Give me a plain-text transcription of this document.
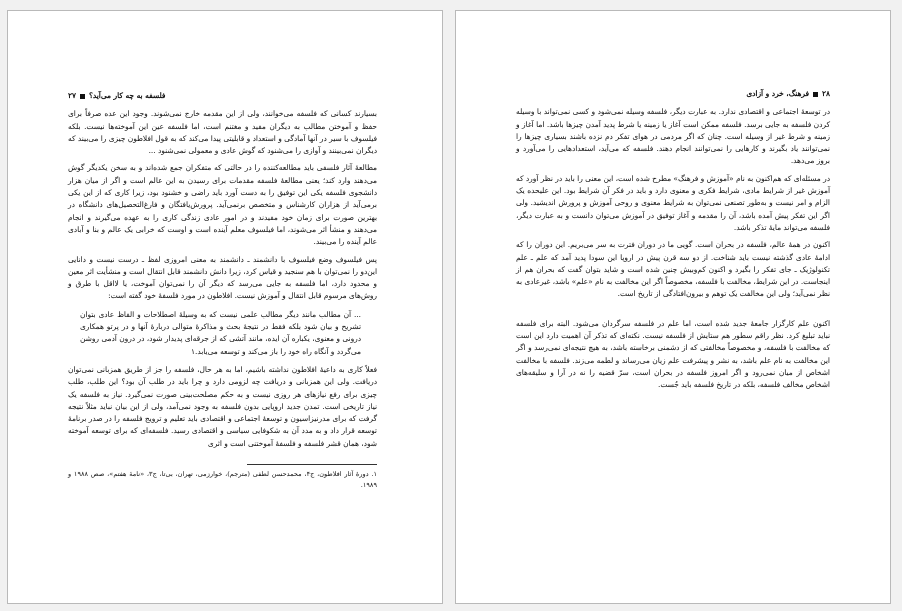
فلسفه به چه کار می‌آید؟
۲۷

بسیارند کسانی که فلسفه می‌خوانند، ولی از این مقدمه خارج نمی‌شوند. وجود این عده صرفاً برای حفظ و آموختن مطالب به دیگران مفید و مغتنم است، اما فلسفه عین این آموخته‌ها نیست. بلکه فیلسوف با سیر در آنها آمادگی و استعداد و قابلیتی پیدا می‌کند که به قول افلاطون چیزی را می‌بیند که دیگران نمی‌بینند و آوازی را می‌شنود که گوش عادی و معمولی نمی‌شنود ...

مطالعهٔ آثار فلسفی باید مطالعه‌کننده را در حالتی که متفکران جمع شده‌اند و به سخن یکدیگر گوش می‌دهند وارد کند؛ یعنی مطالعهٔ فلسفه مقدمات برای رسیدن به این عالم است و اگر از میان هزار دانشجوی فلسفه یکی این توفیق را به دست آورد باید راضی و خشنود بود، زیرا کاری که از این یکی برمی‌آید از هزاران کارشناس و متخصص برنمی‌آید. پرورش‌یافتگان و فارغ‌التحصیل‌های دانشگاه در بهترین صورت برای زمان خود مفیدند و در امور عادی زندگی کاری را به عهده می‌گیرند و انجام می‌دهند و منشأ اثر می‌شوند، اما فیلسوف معلم آینده است و اوست که خرابی یک عالم و بنا و آبادی عالم آینده را می‌بیند.

پس فیلسوف وضع فیلسوف با دانشمند ـ دانشمند به معنی امروزی لفظ ـ درست نیست و دانایی این‌دو را نمی‌توان با هم سنجید و قیاس کرد، زیرا دانش دانشمند قابل انتقال است و منشأیت اثر معین و محدود دارد، اما فلسفه به جایی می‌رسد که دیگر آن را نمی‌توان آموخت، یا لااقل با طرق و روش‌های مرسوم قابل انتقال و آموزش نیست. افلاطون در مورد فلسفهٔ خود گفته است:

... آن مطالب مانند دیگر مطالب علمی نیست که به وسیلهٔ اصطلاحات و الفاظ عادی بتوان تشریح و بیان شود بلکه فقط در نتیجهٔ بحث و مذاکرهٔ متوالی دربارهٔ آنها و در پرتو همکاری درونی و معنوی، یکباره آن ایده، مانند آتشی که از جرقه‌ای پدیدار شود، در درون آدمی روشن می‌گردد و آنگاه راه خود را باز می‌کند و توسعه می‌یابد.۱

فعلاً کاری به داعیهٔ افلاطون نداشته باشیم، اما به هر حال، فلسفه را جز از طریق همزبانی نمی‌توان دریافت. ولی این همزبانی و دریافت چه لزومی دارد و چرا باید در طلب آن بود؟ این طلب، طلب چیزی برای رفع نیازهای هر روزی نیست و به حکم مصلحت‌بینی صورت نمی‌گیرد. نیاز به فلسفه یک نیاز تاریخی است. تمدن جدید اروپایی بدون فلسفه به وجود نمی‌آمد، ولی از این بیان نباید مثلاً نتیجه گرفت که برای مدرنیزاسیون و توسعهٔ اجتماعی و اقتصادی باید تعلیم و ترویج فلسفه را در صدر برنامهٔ توسعه قرار داد و به مدد آن به شکوفایی سیاسی و اقتصادی رسید. فلسفه‌ای که برای توسعه آموخته شود، همان قشر فلسفه و فلسفهٔ آموختنی است و اثری

۱. دورهٔ آثار افلاطون، ج۴، محمدحسن لطفی (مترجم)، خوارزمی، تهران، بی‌تا، ج۳، «نامهٔ هفتم»، صص ۱۹۸۸ و ۱۹۸۹.
۲۸
فرهنگ، خرد و آزادی

در توسعهٔ اجتماعی و اقتصادی ندارد. به عبارت دیگر، فلسفه وسیله نمی‌شود و کسی نمی‌تواند با وسیله کردن فلسفه به جایی برسد. فلسفه ممکن است آغاز یا زمینه یا شرط پدید آمدن چیزها باشد. اما آغاز و زمینه و شرط غیر از وسیله است. چنان که اگر مردمی در هوای تفکر دم نزده باشند بسیاری چیزها را نمی‌توانند یاد بگیرند و کارهایی را نمی‌توانند انجام دهند. فلسفه که می‌آید، استعدادهایی را می‌آورد و بروز می‌دهد.

در مسئله‌ای که هم‌اکنون به نام «آموزش و فرهنگ» مطرح شده است، این معنی را باید در نظر آورد که آموزش غیر از شرایط مادی، شرایط فکری و معنوی دارد و باید در فکر آن شرایط بود. این علیحده یک الزام و امر نیست و به‌طور تصنعی نمی‌توان به شرایط معنوی و روحی آموزش و پرورش اندیشید. ولی اگر این تفکر پیش آمده باشد، آن را مقدمه و آغاز توفیق در آموزش می‌توان دانست و به عبارت دیگر، فلسفه می‌تواند مایهٔ تذکر باشد.

اکنون در همهٔ عالم، فلسفه در بحران است. گویی ما در دوران فترت به سر می‌بریم. این دوران را که ادامهٔ عادی گذشته نیست باید شناخت. از دو سه قرن پیش در اروپا این سودا پدید آمد که علم ـ علم تکنولوژیک ـ جای تفکر را بگیرد و اکنون کم‌وبیش چنین شده است و شاید بتوان گفت که بحران هم از اینجاست. در این شرایط، مخالفت با فلسفه، مخصوصاً اگر این مخالفت به نام «علم» باشد، غیرعادی به نظر نمی‌آید؛ ولی این مخالفت یک توهم و بیرون‌افتادگی از تاریخ است.

اکنون علم کارگزار جامعهٔ جدید شده است، اما علم در فلسفه سرگردان می‌شود. البته برای فلسفه نباید تبلیغ کرد. نظر راقم سطور هم ستایش از فلسفه نیست. نکته‌ای که تذکر آن اهمیت دارد این است که مخالفت با فلسفه، و مخصوصاً مخالفتی که از دشمنی برخاسته باشد، به هیچ نتیجه‌ای نمی‌رسد و اگر این مخالفت به نام علم باشد، به نشر و پیشرفت علم زیان می‌رساند و لطمه می‌زند. فلسفه با مخالفت اشخاص از میان نمی‌رود و اگر امروز فلسفه در بحران است، سرّ قضیه را نه در آرا و سلیقه‌های اشخاص مخالف فلسفه، بلکه در تاریخ فلسفه باید جُست.
